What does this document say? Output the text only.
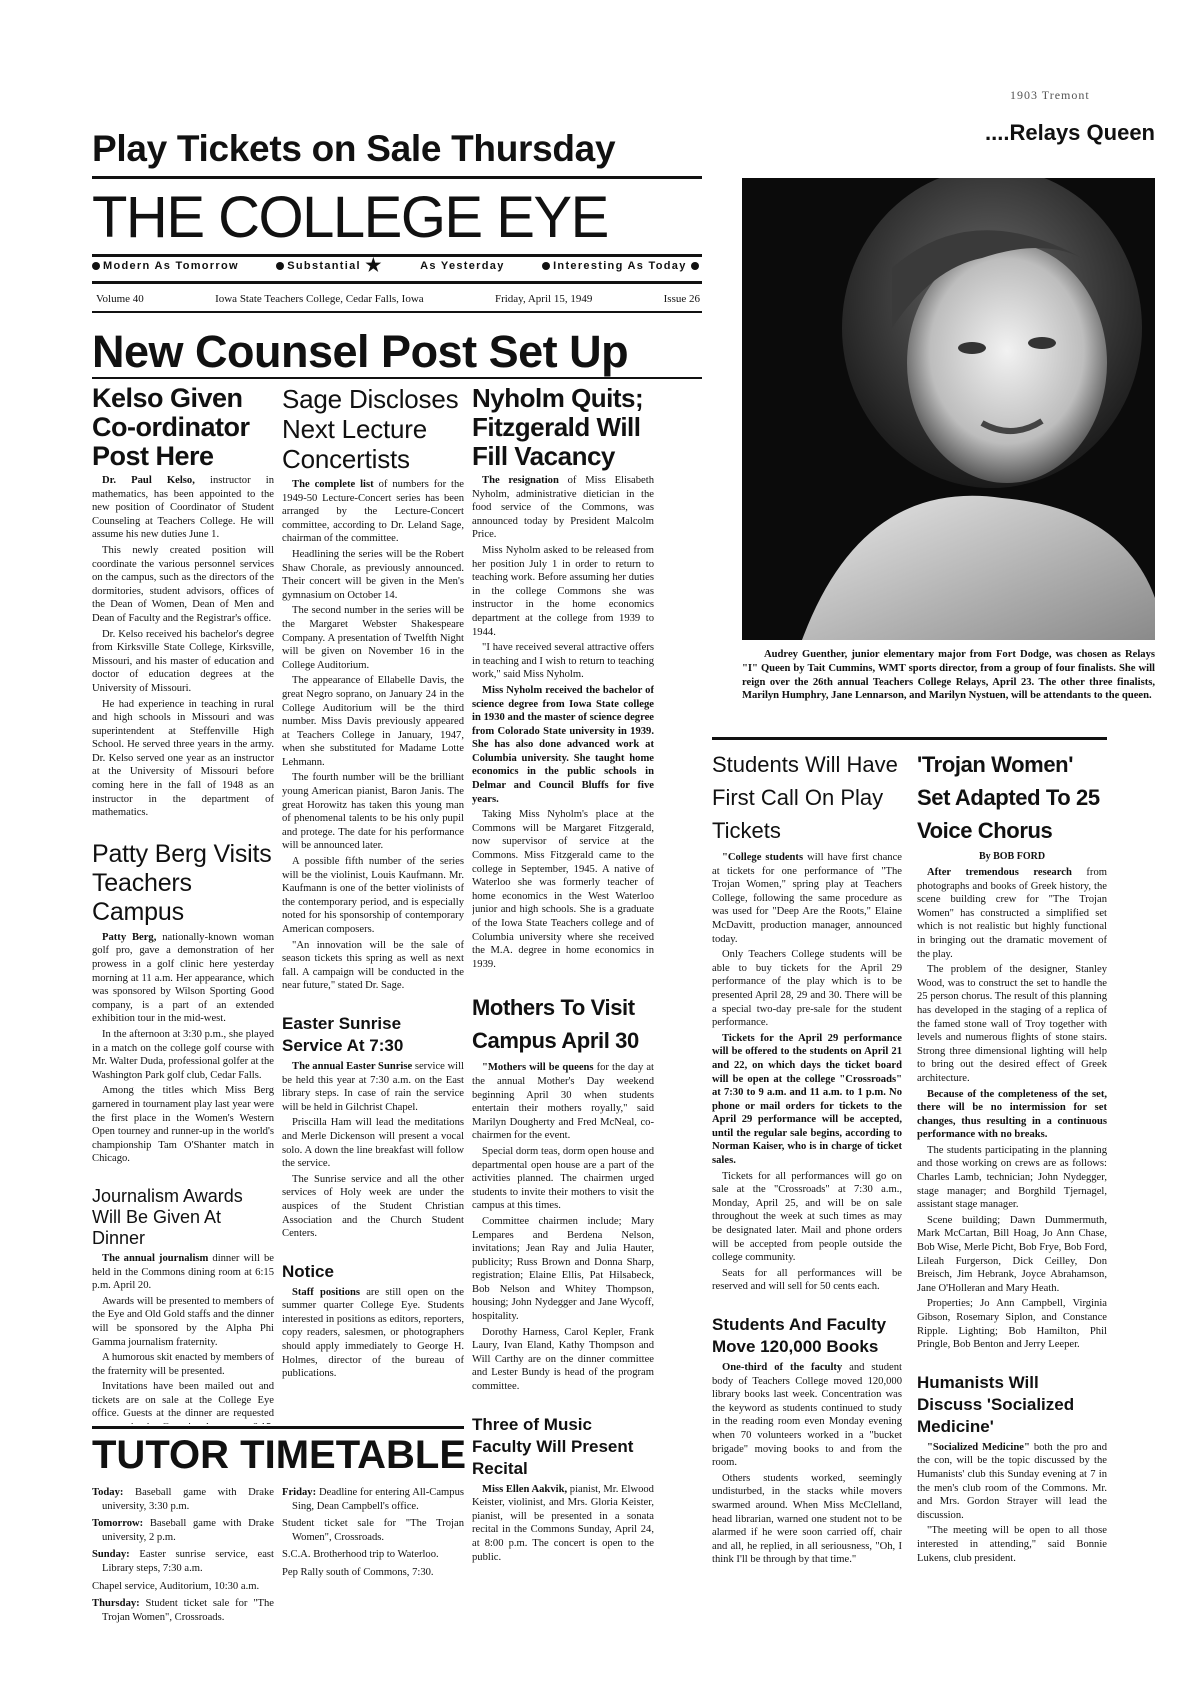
1903 Tremont
Play Tickets on Sale Thursday
THE COLLEGE EYE
Modern As Tomorrow	Substantial ★	As Yesterday	Interesting As Today
Volume 40	Iowa State Teachers College, Cedar Falls, Iowa	Friday, April 15, 1949	Issue 26
New Counsel Post Set Up
Kelso Given Co-ordinator Post Here

Dr. Paul Kelso, instructor in mathematics, has been appointed to the new position of Coordinator of Student Counseling at Teachers College. He will assume his new duties June 1.

This newly created position will coordinate the various personnel services on the campus, such as the directors of the dormitories, student advisors, offices of the Dean of Women, Dean of Men and Dean of Faculty and the Registrar's office.

Dr. Kelso received his bachelor's degree from Kirksville State College, Kirksville, Missouri, and his master of education and doctor of education degrees at the University of Missouri.

He had experience in teaching in rural and high schools in Missouri and was superintendent at Steffenville High School. He served three years in the army. Dr. Kelso served one year as an instructor at the University of Missouri before coming here in the fall of 1948 as an instructor in the department of mathematics.

Patty Berg Visits Teachers Campus

Patty Berg, nationally-known woman golf pro, gave a demonstration of her prowess in a golf clinic here yesterday morning at 11 a.m. Her appearance, which was sponsored by Wilson Sporting Good company, is a part of an extended exhibition tour in the mid-west.

In the afternoon at 3:30 p.m., she played in a match on the college golf course with Mr. Walter Duda, professional golfer at the Washington Park golf club, Cedar Falls.

Among the titles which Miss Berg garnered in tournament play last year were the first place in the Women's Western Open tourney and runner-up in the world's championship Tam O'Shanter match in Chicago.

Journalism Awards Will Be Given At Dinner

The annual journalism dinner will be held in the Commons dining room at 6:15 p.m. April 20.

Awards will be presented to members of the Eye and Old Gold staffs and the dinner will be sponsored by the Alpha Phi Gamma journalism fraternity.

A humorous skit enacted by members of the fraternity will be presented.

Invitations have been mailed out and tickets are on sale at the College Eye office. Guests at the dinner are requested

Sage Discloses Next Lecture Concertists

The complete list of numbers for the 1949-50 Lecture-Concert series has been arranged by the Lecture-Concert committee, according to Dr. Leland Sage, chairman of the committee.

Headlining the series will be the Robert Shaw Chorale, as previously announced. Their concert will be given in the Men's gymnasium on October 14.

The second number in the series will be the Margaret Webster Shakespeare Company. A presentation of Twelfth Night will be given on November 16 in the College Auditorium.

The appearance of Ellabelle Davis, the great Negro soprano, on January 24 in the College Auditorium will be the third number. Miss Davis previously appeared at Teachers College in January, 1947, when she substituted for Madame Lotte Lehmann.

The fourth number will be the brilliant young American pianist, Baron Janis. The great Horowitz has taken this young man of phenomenal talents to be his only pupil and protege. The date for his performance will be announced later.

A possible fifth number of the series will be the violinist, Louis Kaufmann. Mr. Kaufmann is one of the better violinists of the contemporary period, and is especially noted for his sponsorship of contemporary American composers.

"An innovation will be the sale of season tickets this spring as well as next fall. A campaign will be conducted in the near future," stated Dr. Sage.

Easter Sunrise Service At 7:30

The annual Easter Sunrise service will be held this year at 7:30 a.m. on the East library steps. In case of rain the service will be held in Gilchrist Chapel.

Priscilla Ham will lead the meditations and Merle Dickenson will present a vocal solo. A down the line breakfast will follow the service.

The Sunrise service and all the other services of Holy week are under the auspices of the Student Christian Association and the Church Student Centers.

Notice

Staff positions are still open on the summer quarter College Eye. Students interested in positions as editors, reporters, copy readers, salesmen, or photographers should apply immediately to George H. Holmes, director of the bureau of publications.

Nyholm Quits; Fitzgerald Will Fill Vacancy

The resignation of Miss Elisabeth Nyholm, administrative dietician in the food service of the Commons, was announced today by President Malcolm Price.

Miss Nyholm asked to be released from her position July 1 in order to return to teaching work. Before assuming her duties in the college Commons she was instructor in the home economics department at the college from 1939 to 1944.

"I have received several attractive offers in teaching and I wish to return to teaching work," said Miss Nyholm.

Miss Nyholm received the bachelor of science degree from Iowa State college in 1930 and the master of science degree from Colorado State university in 1939. She has also done advanced work at Columbia university. She taught home economics in the public schools in Delmar and Council Bluffs for five years.

Taking Miss Nyholm's place at the Commons will be Margaret Fitzgerald, now supervisor of service at the Commons. Miss Fitzgerald came to the college in September, 1945. A native of Waterloo she was formerly teacher of home economics in the West Waterloo junior and high schools. She is a graduate of the Iowa State Teachers college and of Columbia university where she received the M.A. degree in home economics in 1939.

Mothers To Visit Campus April 30

"Mothers will be queens for the day at the annual Mother's Day weekend beginning April 30 when students entertain their mothers royally," said Marilyn Dougherty and Fred McNeal, co-chairmen for the event.

Special dorm teas, dorm open house and departmental open house are a part of the activities planned. The chairmen urged students to invite their mothers to visit the campus at this times.

Committee chairmen include; Mary Lempares and Berdena Nelson, invitations; Jean Ray and Julia Hauter, publicity; Russ Brown and Donna Sharp, registration; Elaine Ellis, Pat Hilsabeck, Bob Nelson and Whitey Thompson, housing; John Nydegger and Jane Wycoff, hospitality.

Dorothy Harness, Carol Kepler, Frank Laury, Ivan Eland, Kathy Thompson and Will Carthy are on the dinner committee and Lester Bundy is head of the program committee.

Three of Music Faculty Will Present Recital

Miss Ellen Aakvik, pianist, Mr. Elwood Keister, violinist, and Mrs. Gloria Keister, pianist, will be presented in a sonata recital in the Commons Sunday, April 24, at 8:00 p.m. The concert is open to the public.

TUTOR TIMETABLE
Today: Baseball game with Drake university, 3:30 p.m.
Tomorrow: Baseball game with Drake university, 2 p.m.
Sunday: Easter sunrise service, east Library steps, 7:30 a.m.
Chapel service, Auditorium, 10:30 a.m.
Thursday: Student ticket sale for "The Trojan Women", Crossroads.
Friday: Deadline for entering All-Campus Sing, Dean Campbell's office.
Student ticket sale for "The Trojan Women", Crossroads.
S.C.A. Brotherhood trip to Waterloo.
Pep Rally south of Commons, 7:30.
....Relays Queen
Audrey Guenther, junior elementary major from Fort Dodge, was chosen as Relays "I" Queen by Tait Cummins, WMT sports director, from a group of four finalists. She will reign over the 26th annual Teachers College Relays, April 23. The other three finalists, Marilyn Humphry, Jane Lennarson, and Marilyn Nystuen, will be attendants to the queen.
Students Will Have First Call On Play Tickets

"College students will have first chance at tickets for one performance of "The Trojan Women," spring play at Teachers College, following the same procedure as was used for "Deep Are the Roots," Elaine McDavitt, production manager, announced today.

Only Teachers College students will be able to buy tickets for the April 29 performance of the play which is to be presented April 28, 29 and 30. There will be a special two-day pre-sale for the student performance.

Tickets for the April 29 performance will be offered to the students on April 21 and 22, on which days the ticket board will be open at the college "Crossroads" at 7:30 to 9 a.m. and 11 a.m. to 1 p.m. No phone or mail orders for tickets to the April 29 performance will be accepted, until the regular sale begins, according to Norman Kaiser, who is in charge of ticket sales.

Tickets for all performances will go on sale at the "Crossroads" at 7:30 a.m., Monday, April 25, and will be on sale throughout the week at such times as may be designated later. Mail and phone orders will be accepted from people outside the college community.

Seats for all performances will be reserved and will sell for 50 cents each.

Students And Faculty Move 120,000 Books

One-third of the faculty and student body of Teachers College moved 120,000 library books last week. Concentration was the keyword as students continued to study in the reading room even Monday evening when 70 volunteers worked in a "bucket brigade" moving books to and from the room.

Others students worked, seemingly undisturbed, in the stacks while movers swarmed around. When Miss McClelland, head librarian, warned one student not to be alarmed if he were soon carried off, chair and all, he replied, in all seriousness, "Oh, I think I'll be through by that time."

'Trojan Women' Set Adapted To 25 Voice Chorus
By BOB FORD

After tremendous research from photographs and books of Greek history, the scene building crew for "The Trojan Women" has constructed a simplified set which is not realistic but highly functional in bringing out the dramatic movement of the play.

The problem of the designer, Stanley Wood, was to construct the set to handle the 25 person chorus. The result of this planning has developed in the staging of a replica of the famed stone wall of Troy together with levels and numerous flights of stone stairs. Strong three dimensional lighting will help to bring out the desired effect of Greek architecture.

Because of the completeness of the set, there will be no intermission for set changes, thus resulting in a continuous performance with no breaks.

The students participating in the planning and those working on crews are as follows: Charles Lamb, technician; John Nydegger, stage manager; and Borghild Tjernagel, assistant stage manager.

Scene building; Dawn Dummermuth, Mark McCartan, Bill Hoag, Jo Ann Chase, Bob Wise, Merle Picht, Bob Frye, Bob Ford, Lileah Furgerson, Dick Ceilley, Don Breisch, Jim Hebrank, Joyce Abrahamson, Jane O'Holleran and Mary Heath.

Properties; Jo Ann Campbell, Virginia Gibson, Rosemary Siplon, and Constance Ripple. Lighting; Bob Hamilton, Phil Pringle, Bob Benton and Jerry Leeper.

Humanists Will Discuss 'Socialized Medicine'

"Socialized Medicine" both the pro and the con, will be the topic discussed by the Humanists' club this Sunday evening at 7 in the men's club room of the Commons. Mr. and Mrs. Gordon Strayer will lead the discussion.

"The meeting will be open to all those interested in attending," said Bonnie Lukens, club president.
